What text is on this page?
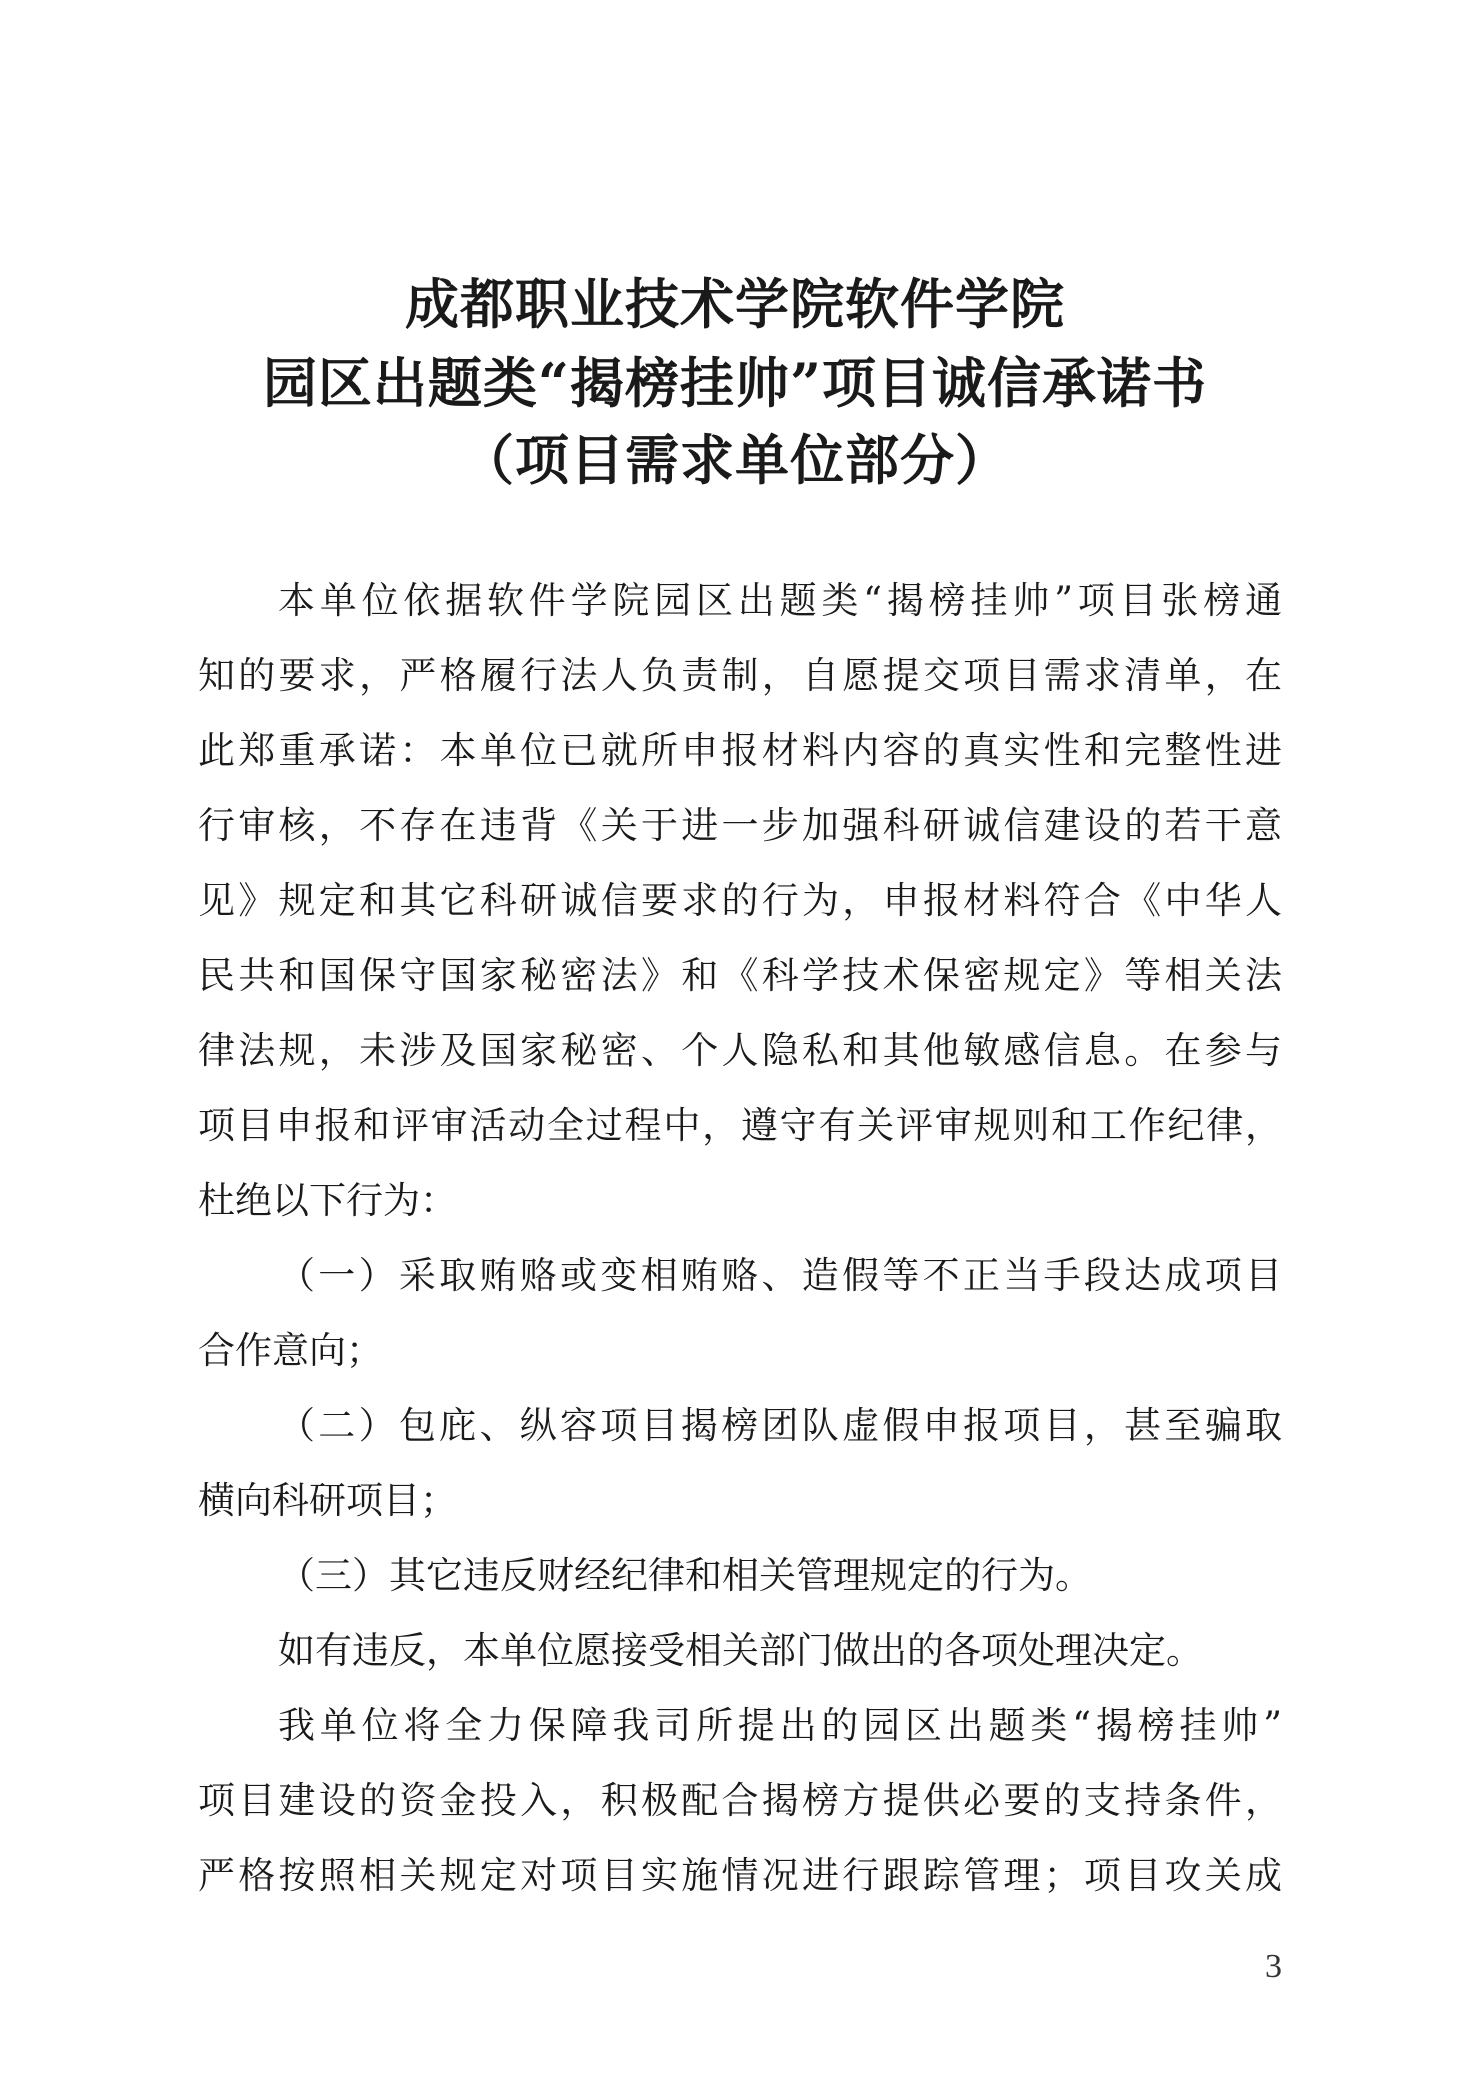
成都职业技术学院软件学院
园区出题类“揭榜挂帅”项目诚信承诺书
（项目需求单位部分）
本单位依据软件学院园区出题类“揭榜挂帅”项目张榜通
知的要求，严格履行法人负责制，自愿提交项目需求清单，在
此郑重承诺：本单位已就所申报材料内容的真实性和完整性进
行审核，不存在违背《关于进一步加强科研诚信建设的若干意
见》规定和其它科研诚信要求的行为，申报材料符合《中华人
民共和国保守国家秘密法》和《科学技术保密规定》等相关法
律法规，未涉及国家秘密、个人隐私和其他敏感信息。在参与
项目申报和评审活动全过程中，遵守有关评审规则和工作纪律，
杜绝以下行为：
（一）采取贿赂或变相贿赂、造假等不正当手段达成项目
合作意向；
（二）包庇、纵容项目揭榜团队虚假申报项目，甚至骗取
横向科研项目；
（三）其它违反财经纪律和相关管理规定的行为。
如有违反，本单位愿接受相关部门做出的各项处理决定。
我单位将全力保障我司所提出的园区出题类“揭榜挂帅”
项目建设的资金投入，积极配合揭榜方提供必要的支持条件，
严格按照相关规定对项目实施情况进行跟踪管理；项目攻关成
3
